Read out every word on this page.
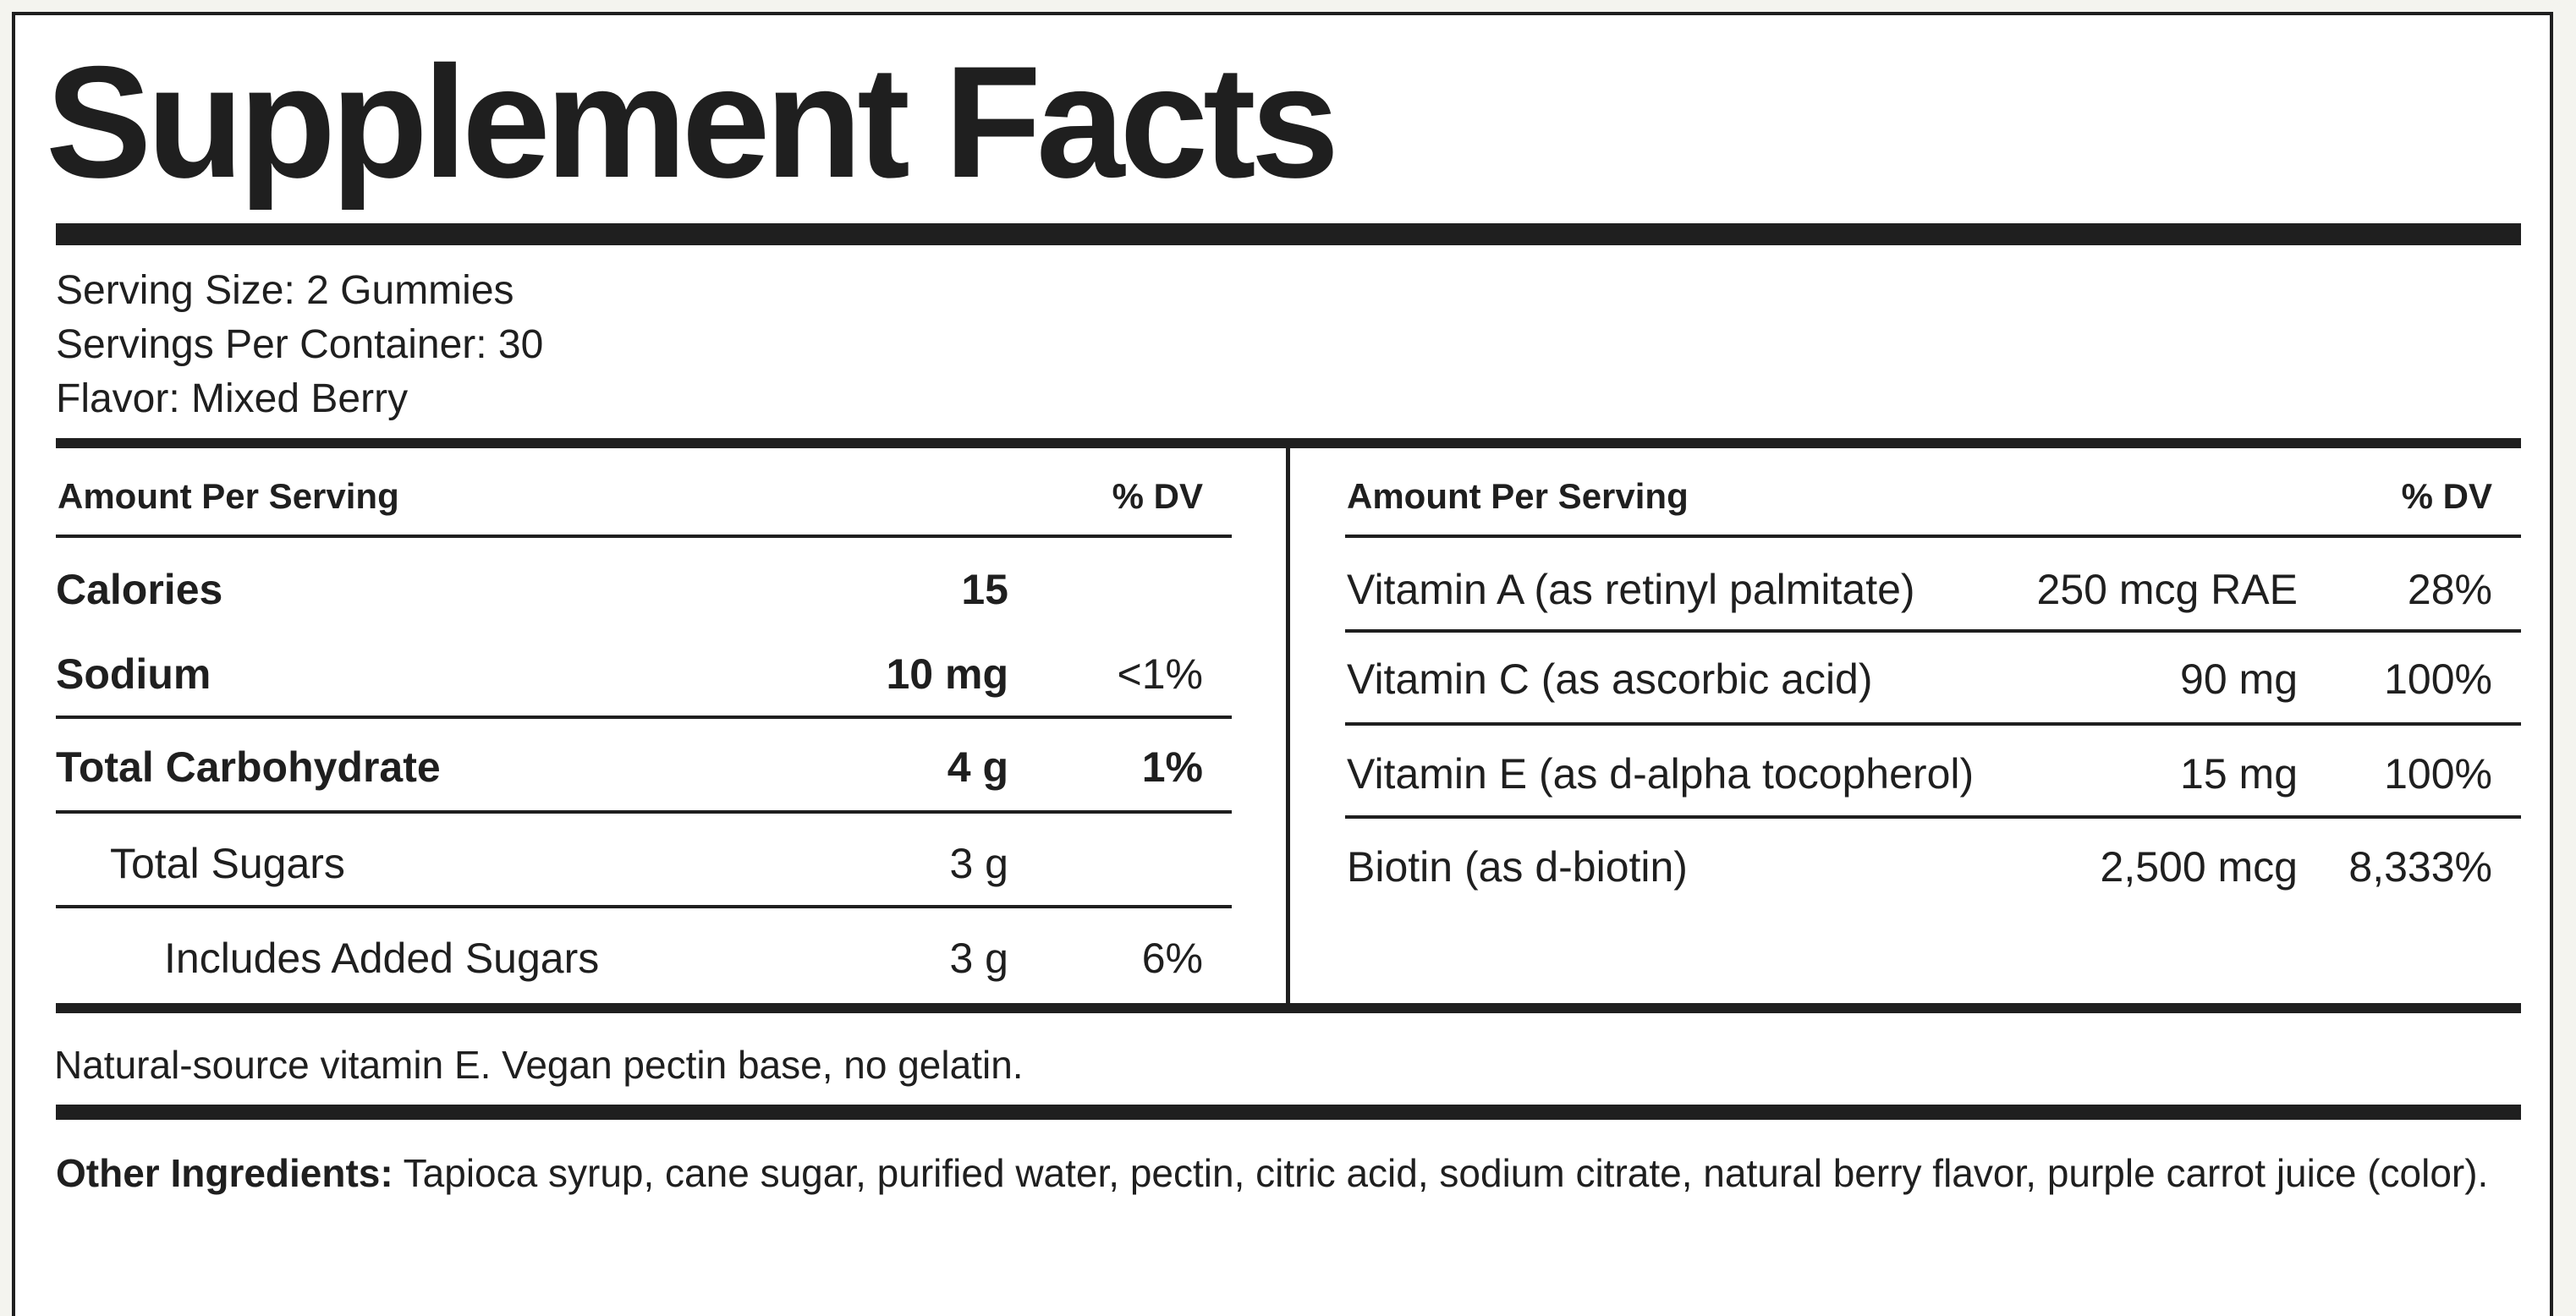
Supplement Facts
Serving Size: 2 Gummies
Servings Per Container: 30
Flavor: Mixed Berry
Amount Per Serving	% DV
Calories	15
Sodium	10 mg	<1%
Total Carbohydrate	4 g	1%
Total Sugars	3 g
Includes Added Sugars	3 g	6%
Amount Per Serving	% DV
Vitamin A (as retinyl palmitate)	250 mcg RAE	28%
Vitamin C (as ascorbic acid)	90 mg	100%
Vitamin E (as d-alpha tocopherol)	15 mg	100%
Biotin (as d-biotin)	2,500 mcg	8,333%
Natural-source vitamin E. Vegan pectin base, no gelatin.
Other Ingredients: Tapioca syrup, cane sugar, purified water, pectin, citric acid, sodium citrate, natural berry flavor, purple carrot juice (color).
